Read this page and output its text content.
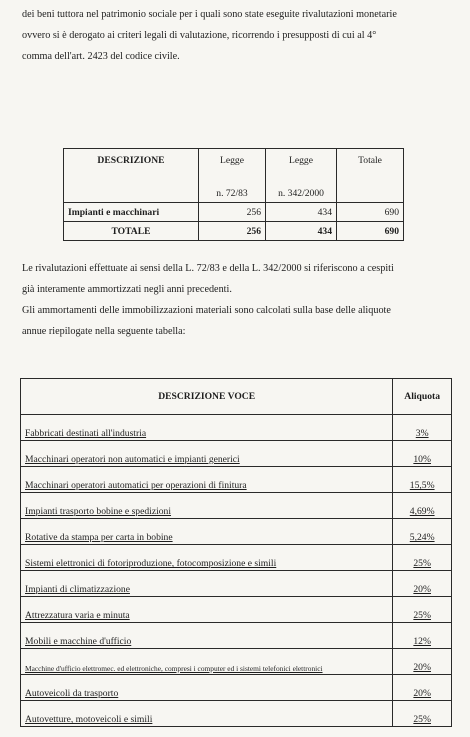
dei beni tuttora nel patrimonio sociale per i quali sono state eseguite rivalutazioni monetarie
ovvero si è derogato ai criteri legali di valutazione, ricorrendo i presupposti di cui al 4°
comma dell'art. 2423 del codice civile.
DESCRIZIONE	Legge	Legge	Totale
	n. 72/83	n. 342/2000	
Impianti e macchinari	256	434	690
TOTALE	256	434	690
Le rivalutazioni effettuate ai sensi della L. 72/83 e della L. 342/2000 si riferiscono a cespiti
già interamente ammortizzati negli anni precedenti.
Gli ammortamenti delle immobilizzazioni materiali sono calcolati sulla base delle aliquote
annue riepilogate nella seguente tabella:
DESCRIZIONE VOCE	Aliquota
Fabbricati destinati all'industria	3%
Macchinari operatori non automatici e impianti generici	10%
Macchinari operatori automatici per operazioni di finitura	15,5%
Impianti trasporto bobine e spedizioni	4,69%
Rotative da stampa per carta in bobine	5,24%
Sistemi elettronici di fotoriproduzione, fotocomposizione e simili	25%
Impianti di climatizzazione	20%
Attrezzatura varia e minuta	25%
Mobili e macchine d'ufficio	12%
Macchine d'ufficio elettromec. ed elettroniche, compresi i computer ed i sistemi telefonici elettronici	20%
Autoveicoli da trasporto	20%
Autovetture, motoveicoli e simili	25%
